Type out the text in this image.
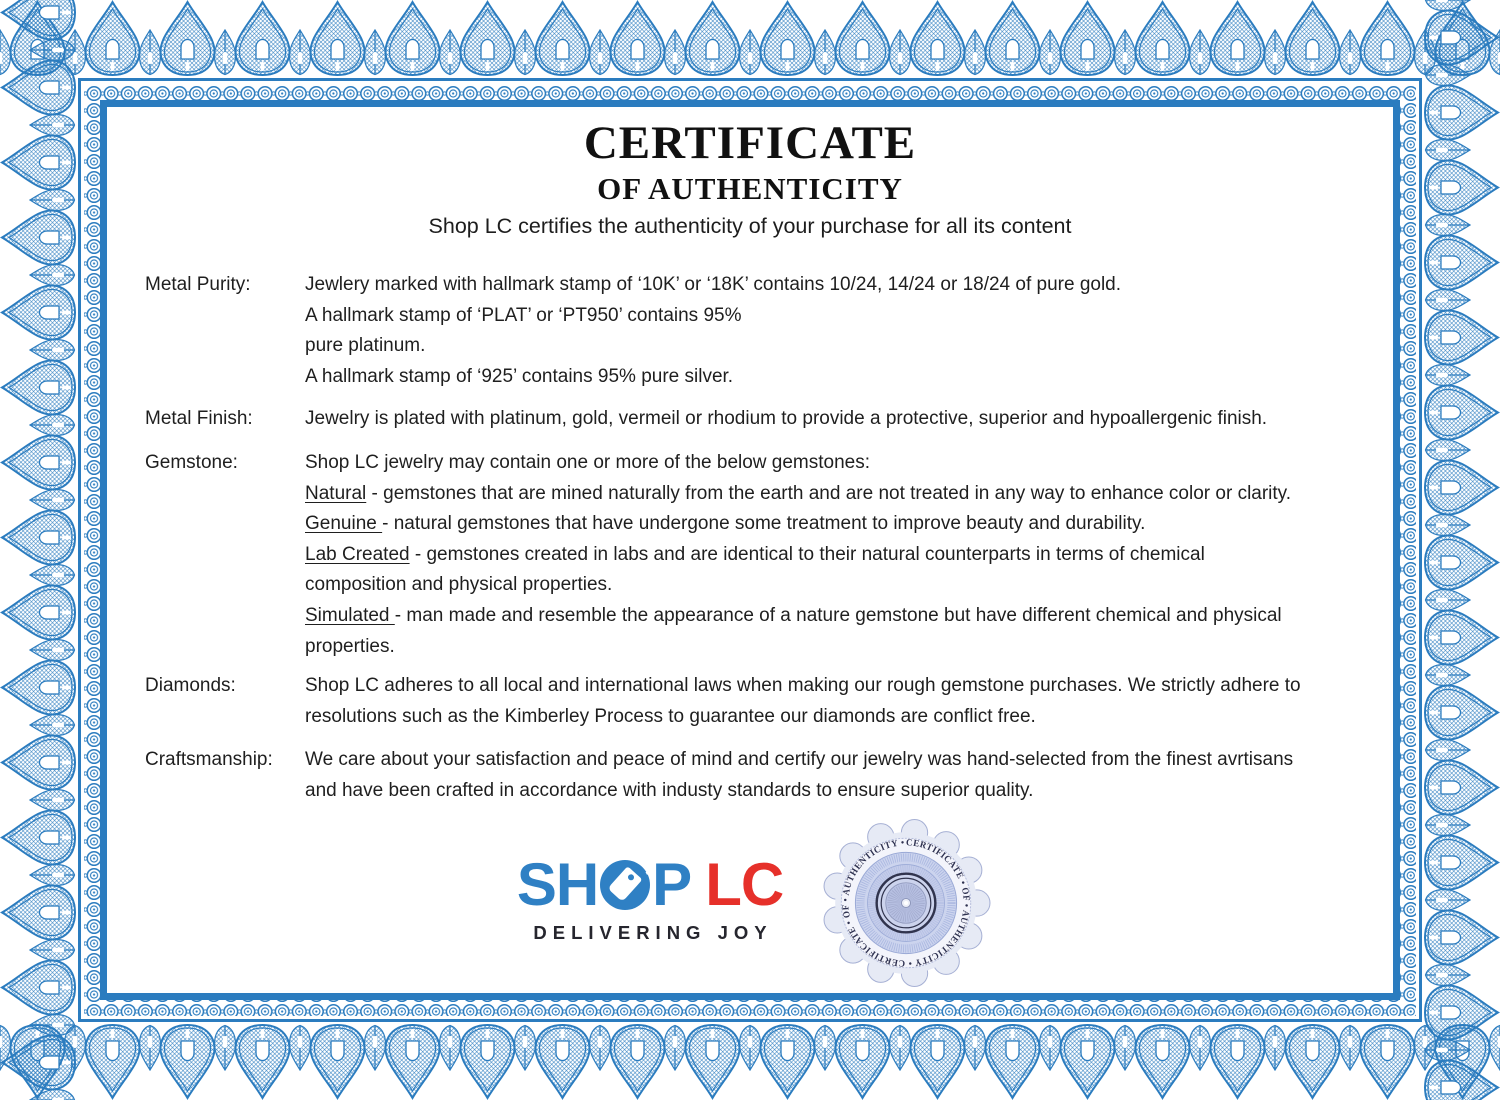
CERTIFICATE
OF AUTHENTICITY
Shop LC certifies the authenticity of your purchase for all its content
Metal Purity:	Jewlery marked with hallmark stamp of ‘10K’ or ‘18K’ contains 10/24, 14/24 or 18/24 of pure gold.
A hallmark stamp of ‘PLAT’ or ‘PT950’ contains 95%
pure platinum.
A hallmark stamp of ‘925’ contains 95% pure silver.
Metal Finish:	Jewelry is plated with platinum, gold, vermeil or rhodium to provide a protective, superior and hypoallergenic finish.
Gemstone:	Shop LC jewelry may contain one or more of the below gemstones:
Natural - gemstones that are mined naturally from the earth and are not treated in any way to enhance color or clarity.
Genuine - natural gemstones that have undergone some treatment to improve beauty and durability.
Lab Created - gemstones created in labs and are identical to their natural counterparts in terms of chemical
composition and physical properties.
Simulated - man made and resemble the appearance of a nature gemstone but have different chemical and physical
properties.
Diamonds:	Shop LC adheres to all local and international laws when making our rough gemstone purchases. We strictly adhere to
resolutions such as the Kimberley Process to guarantee our diamonds are conflict free.
Craftsmanship:	We care about your satisfaction and peace of mind and certify our jewelry was hand-selected from the finest avrtisans
and have been crafted in accordance with industy standards to ensure superior quality.
SH P LC
DELIVERING JOY
CERTIFICATE • OF • AUTHENTICITY • CERTIFICATE • OF • AUTHENTICITY •
